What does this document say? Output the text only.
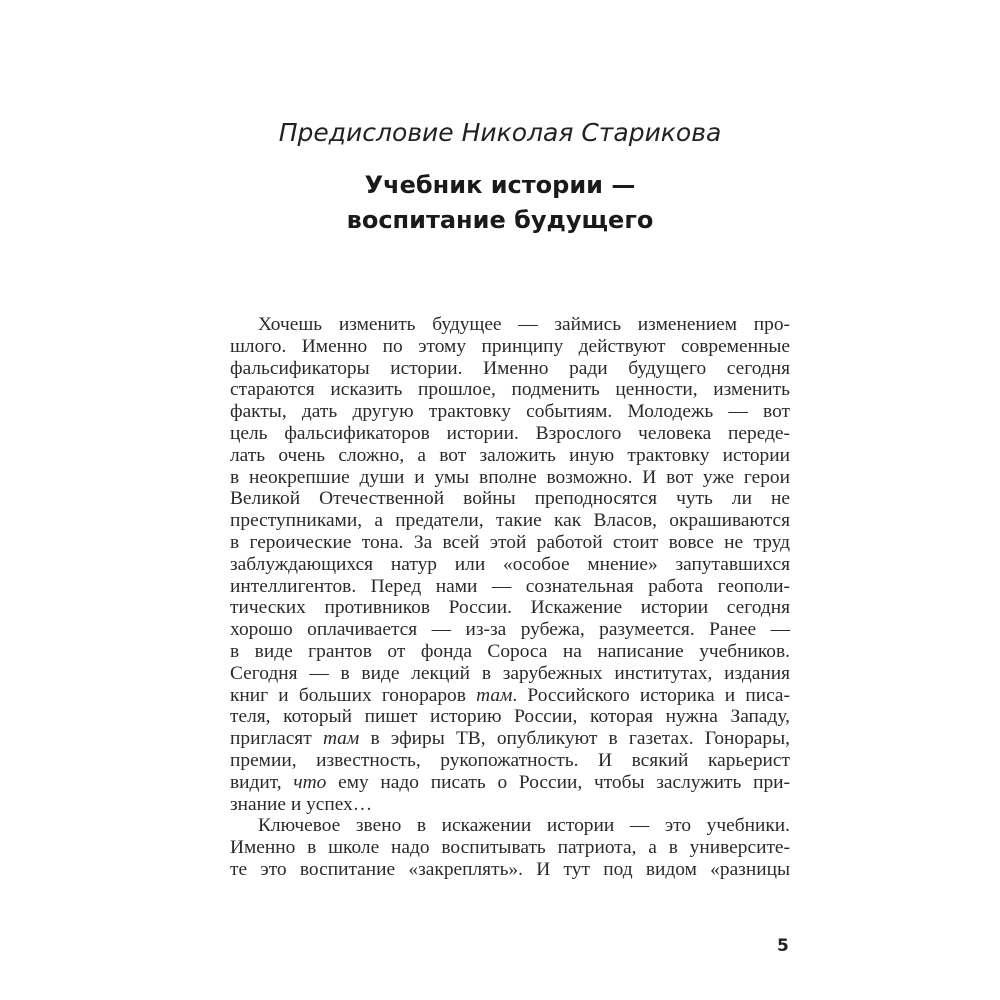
Предисловие Николая Старикова
Учебник истории —
воспитание будущего
Хочешь изменить будущее — займись изменением про-
шлого. Именно по этому принципу действуют современные
фальсификаторы истории. Именно ради будущего сегодня
стараются исказить прошлое, подменить ценности, изменить
факты, дать другую трактовку событиям. Молодежь — вот
цель фальсификаторов истории. Взрослого человека переде-
лать очень сложно, а вот заложить иную трактовку истории
в неокрепшие души и умы вполне возможно. И вот уже герои
Великой Отечественной войны преподносятся чуть ли не
преступниками, а предатели, такие как Власов, окрашиваются
в героические тона. За всей этой работой стоит вовсе не труд
заблуждающихся натур или «особое мнение» запутавшихся
интеллигентов. Перед нами — сознательная работа геополи-
тических противников России. Искажение истории сегодня
хорошо оплачивается — из-за рубежа, разумеется. Ранее —
в виде грантов от фонда Сороса на написание учебников.
Сегодня — в виде лекций в зарубежных институтах, издания
книг и больших гонораров там. Российского историка и писа-
теля, который пишет историю России, которая нужна Западу,
пригласят там в эфиры ТВ, опубликуют в газетах. Гонорары,
премии, известность, рукопожатность. И всякий карьерист
видит, что ему надо писать о России, чтобы заслужить при-
знание и успех…
Ключевое звено в искажении истории — это учебники.
Именно в школе надо воспитывать патриота, а в университе-
те это воспитание «закреплять». И тут под видом «разницы
5
